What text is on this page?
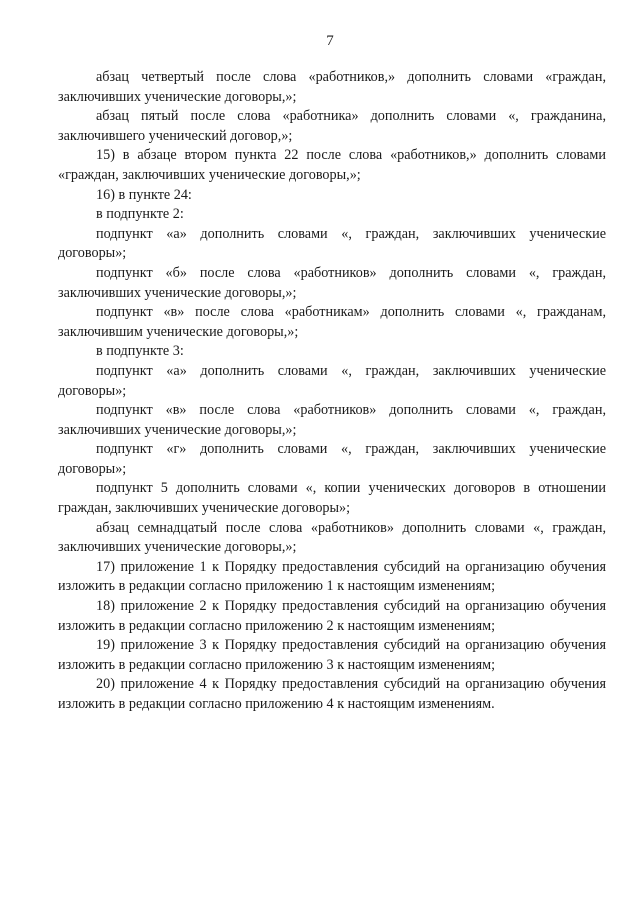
7

абзац четвертый после слова «работников,» дополнить словами «граждан, заключивших ученические договоры,»;

абзац пятый после слова «работника» дополнить словами «, гражданина, заключившего ученический договор,»;

15) в абзаце втором пункта 22 после слова «работников,» дополнить словами «граждан, заключивших ученические договоры,»;

16) в пункте 24:

в подпункте 2:

подпункт «а» дополнить словами «, граждан, заключивших ученические договоры»;

подпункт «б» после слова «работников» дополнить словами «, граждан, заключивших ученические договоры,»;

подпункт «в» после слова «работникам» дополнить словами «, гражданам, заключившим ученические договоры,»;

в подпункте 3:

подпункт «а» дополнить словами «, граждан, заключивших ученические договоры»;

подпункт «в» после слова «работников» дополнить словами «, граждан, заключивших ученические договоры,»;

подпункт «г» дополнить словами «, граждан, заключивших ученические договоры»;

подпункт 5 дополнить словами «, копии ученических договоров в отношении граждан, заключивших ученические договоры»;

абзац семнадцатый после слова «работников» дополнить словами «, граждан, заключивших ученические договоры,»;

17) приложение 1 к Порядку предоставления субсидий на организацию обучения изложить в редакции согласно приложению 1 к настоящим изменениям;

18) приложение 2 к Порядку предоставления субсидий на организацию обучения изложить в редакции согласно приложению 2 к настоящим изменениям;

19) приложение 3 к Порядку предоставления субсидий на организацию обучения изложить в редакции согласно приложению 3 к настоящим изменениям;

20) приложение 4 к Порядку предоставления субсидий на организацию обучения изложить в редакции согласно приложению 4 к настоящим изменениям.
